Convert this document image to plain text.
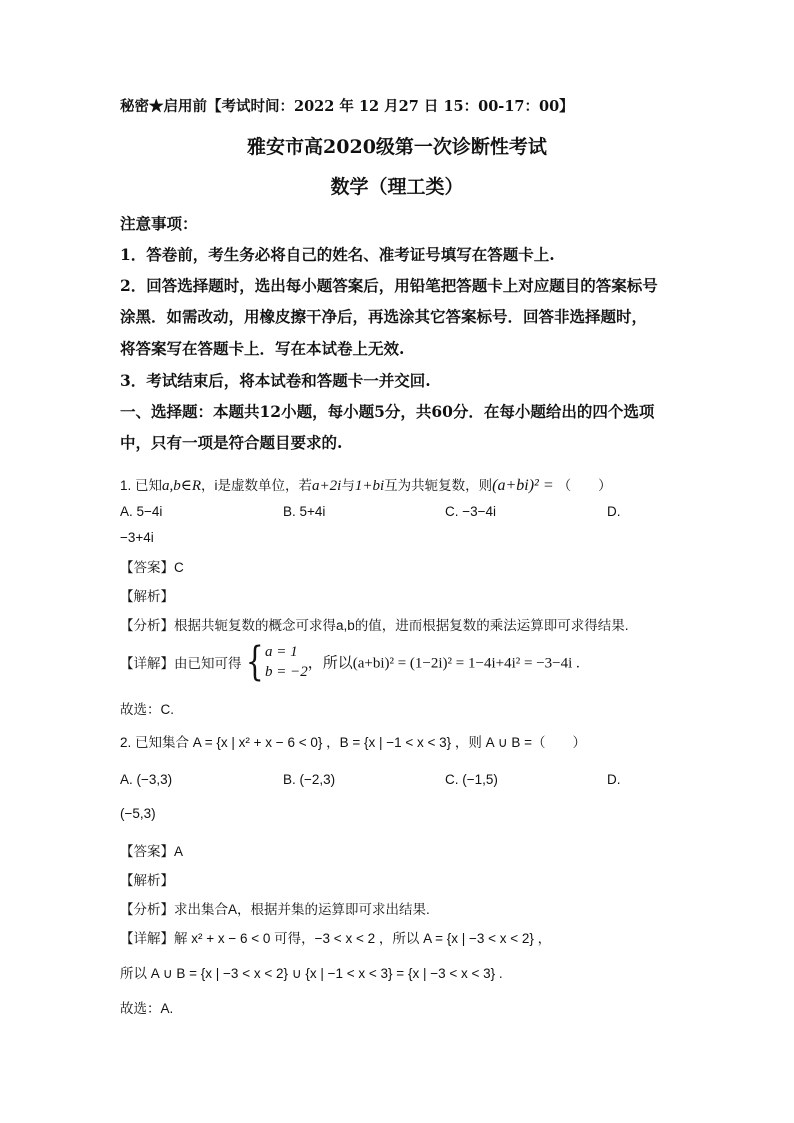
秘密★启用前【考试时间：2022 年 12 月27 日 15：00-17：00】
雅安市高2020级第一次诊断性考试
数学（理工类）
注意事项：
1．答卷前，考生务必将自己的姓名、准考证号填写在答题卡上.
2．回答选择题时，选出每小题答案后，用铅笔把答题卡上对应题目的答案标号
涂黑．如需改动，用橡皮擦干净后，再选涂其它答案标号．回答非选择题时，
将答案写在答题卡上．写在本试卷上无效.
3．考试结束后，将本试卷和答题卡一并交回.
一、选择题：本题共12小题，每小题5分，共60分．在每小题给出的四个选项
中，只有一项是符合题目要求的.
1. 已知a,b∈R，i是虚数单位，若a+2i与1+bi互为共轭复数，则(a+bi)² = （　　）
A. 5−4i	B. 5+4i	C. −3−4i	D.
−3+4i
【答案】C
【解析】
【分析】根据共轭复数的概念可求得a,b的值，进而根据复数的乘法运算即可求得结果.
【详解】由已知可得{ a = 1
b = −2
，所以(a+bi)² = (1−2i)² = 1−4i+4i² = −3−4i .
故选：C.
2. 已知集合 A = {x | x² + x − 6 < 0} ，B = {x | −1 < x < 3} ，则 A ∪ B =（　　）
A. (−3,3)	B. (−2,3)	C. (−1,5)	D.
(−5,3)
【答案】A
【解析】
【分析】求出集合A，根据并集的运算即可求出结果.
【详解】解 x² + x − 6 < 0 可得，−3 < x < 2 ，所以 A = {x | −3 < x < 2} ，
所以 A ∪ B = {x | −3 < x < 2} ∪ {x | −1 < x < 3} = {x | −3 < x < 3} .
故选：A.
